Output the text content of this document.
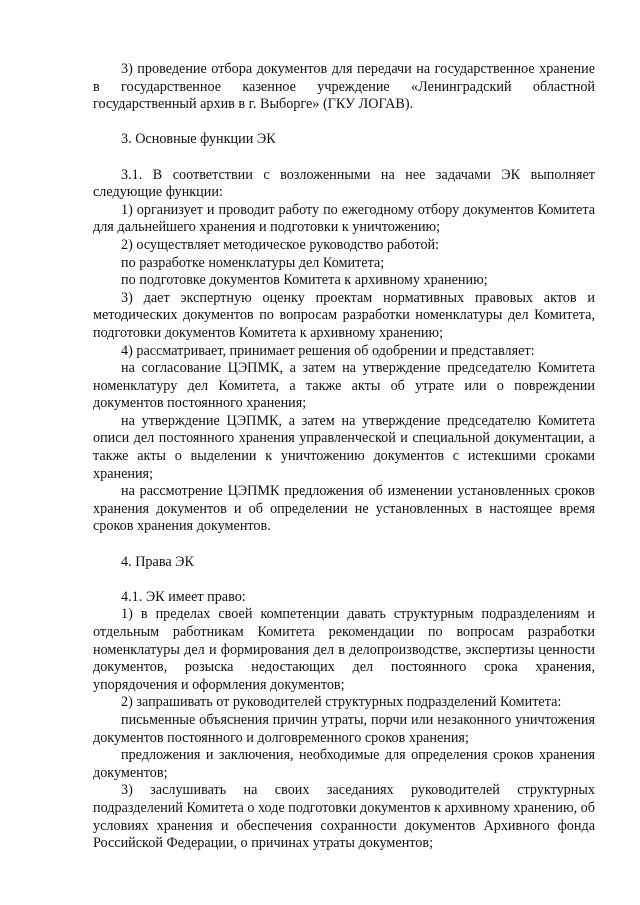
3) проведение отбора документов для передачи на государственное хранение в государственное казенное учреждение «Ленинградский областной государственный архив в г. Выборге» (ГКУ ЛОГАВ).

3. Основные функции ЭК

3.1. В соответствии с возложенными на нее задачами ЭК выполняет следующие функции:

1) организует и проводит работу по ежегодному отбору документов Комитета для дальнейшего хранения и подготовки к уничтожению;

2) осуществляет методическое руководство работой:

по разработке номенклатуры дел Комитета;

по подготовке документов Комитета к архивному хранению;

3) дает экспертную оценку проектам нормативных правовых актов и методических документов по вопросам разработки номенклатуры дел Комитета, подготовки документов Комитета к архивному хранению;

4) рассматривает, принимает решения об одобрении и представляет:

на согласование ЦЭПМК, а затем на утверждение председателю Комитета номенклатуру дел Комитета, а также акты об утрате или о повреждении документов постоянного хранения;

на утверждение ЦЭПМК, а затем на утверждение председателю Комитета описи дел постоянного хранения управленческой и специальной документации, а также акты о выделении к уничтожению документов с истекшими сроками хранения;

на рассмотрение ЦЭПМК предложения об изменении установленных сроков хранения документов и об определении не установленных в настоящее время сроков хранения документов.

4. Права ЭК

4.1. ЭК имеет право:

1) в пределах своей компетенции давать структурным подразделениям и отдельным работникам Комитета рекомендации по вопросам разработки номенклатуры дел и формирования дел в делопроизводстве, экспертизы ценности документов, розыска недостающих дел постоянного срока хранения, упорядочения и оформления документов;

2) запрашивать от руководителей структурных подразделений Комитета:

письменные объяснения причин утраты, порчи или незаконного уничтожения документов постоянного и долговременного сроков хранения;

предложения и заключения, необходимые для определения сроков хранения документов;

3) заслушивать на своих заседаниях руководителей структурных подразделений Комитета о ходе подготовки документов к архивному хранению, об условиях хранения и обеспечения сохранности документов Архивного фонда Российской Федерации, о причинах утраты документов;
